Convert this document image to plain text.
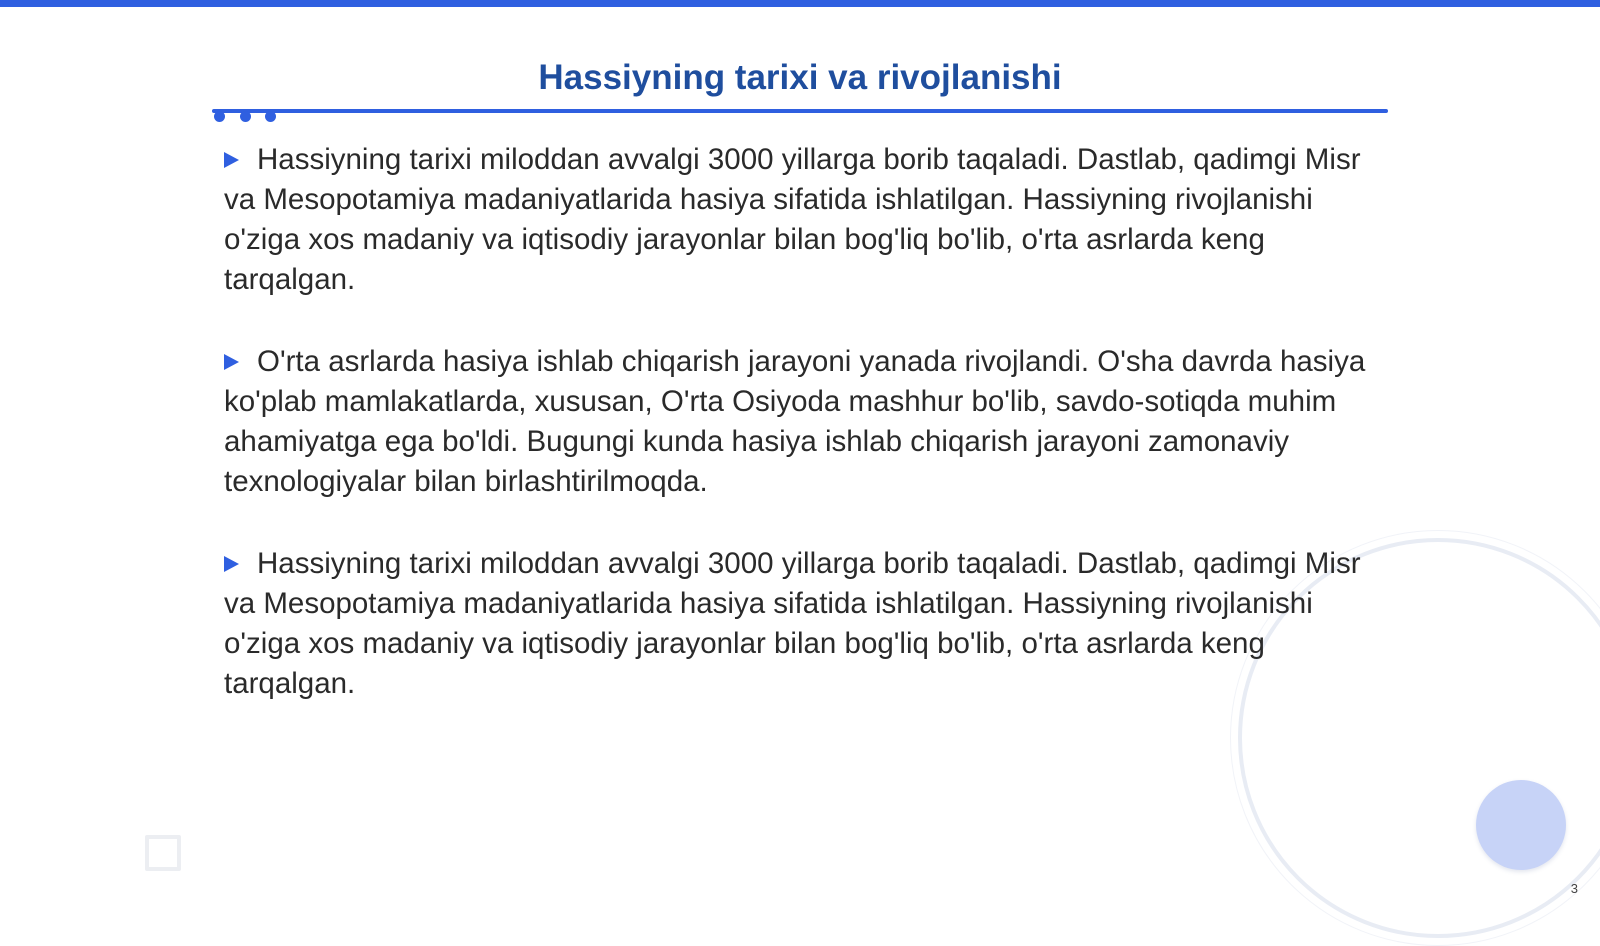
Hassiyning tarixi va rivojlanishi

Hassiyning tarixi miloddan avvalgi 3000 yillarga borib taqaladi. Dastlab, qadimgi Misr va Mesopotamiya madaniyatlarida hasiya sifatida ishlatilgan. Hassiyning rivojlanishi o'ziga xos madaniy va iqtisodiy jarayonlar bilan bog'liq bo'lib, o'rta asrlarda keng tarqalgan.

O'rta asrlarda hasiya ishlab chiqarish jarayoni yanada rivojlandi. O'sha davrda hasiya ko'plab mamlakatlarda, xususan, O'rta Osiyoda mashhur bo'lib, savdo-sotiqda muhim ahamiyatga ega bo'ldi. Bugungi kunda hasiya ishlab chiqarish jarayoni zamonaviy texnologiyalar bilan birlashtirilmoqda.

Hassiyning tarixi miloddan avvalgi 3000 yillarga borib taqaladi. Dastlab, qadimgi Misr va Mesopotamiya madaniyatlarida hasiya sifatida ishlatilgan. Hassiyning rivojlanishi o'ziga xos madaniy va iqtisodiy jarayonlar bilan bog'liq bo'lib, o'rta asrlarda keng tarqalgan.

3
